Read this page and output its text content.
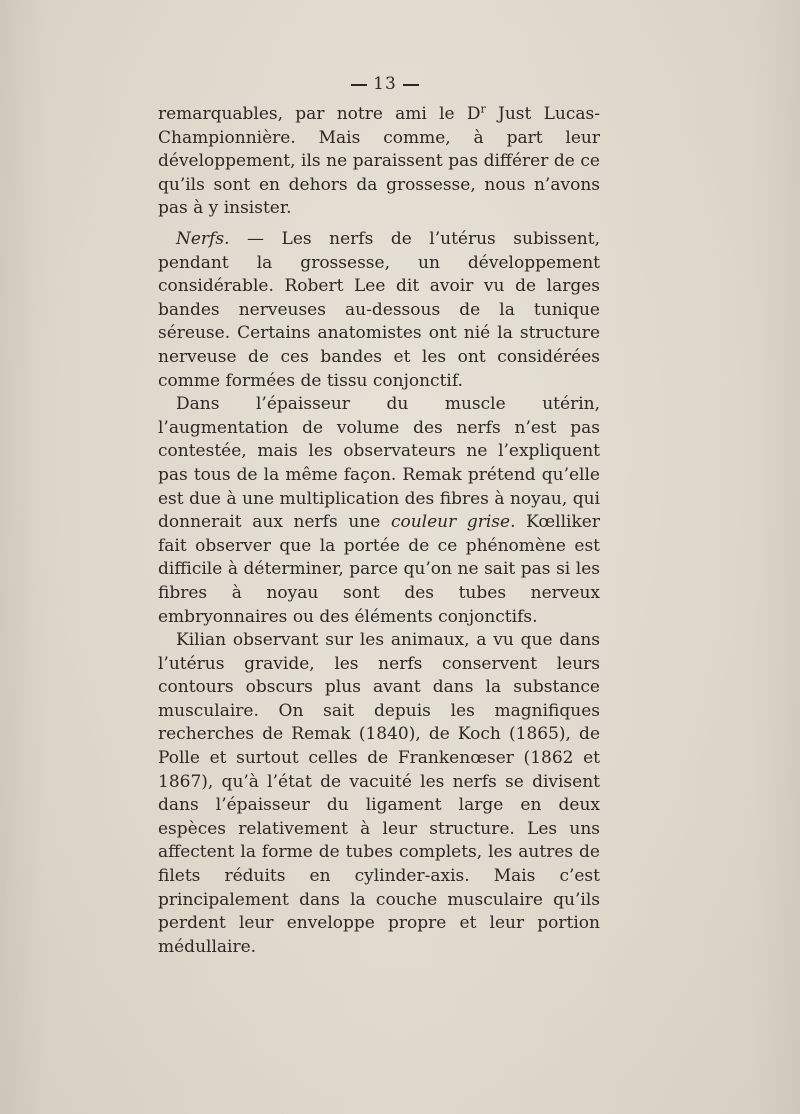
13

remarquables, par notre ami le $D^r$ Just Lucas-Championnière. Mais comme, à part leur développement, ils ne paraissent pas différer de ce qu’ils sont en dehors da grossesse, nous n’avons pas à y insister.

Nerfs. — Les nerfs de l’utérus subissent, pendant la grossesse, un développement considérable. Robert Lee dit avoir vu de larges bandes nerveuses au-dessous de la tunique séreuse. Certains anatomistes ont nié la structure nerveuse de ces bandes et les ont considérées comme formées de tissu conjonctif.

Dans l’épaisseur du muscle utérin, l’augmentation de volume des nerfs n’est pas contestée, mais les observateurs ne l’expliquent pas tous de la même façon. Remak prétend qu’elle est due à une multiplication des fibres à noyau, qui donnerait aux nerfs une couleur grise. Kœlliker fait observer que la portée de ce phénomène est difficile à déterminer, parce qu’on ne sait pas si les fibres à noyau sont des tubes nerveux embryonnaires ou des éléments conjonctifs.

Kilian observant sur les animaux, a vu que dans l’utérus gravide, les nerfs conservent leurs contours obscurs plus avant dans la substance musculaire. On sait depuis les magnifiques recherches de Remak (1840), de Koch (1865), de Polle et surtout celles de Frankenœser (1862 et 1867), qu’à l’état de vacuité les nerfs se divisent dans l’épaisseur du ligament large en deux espèces relativement à leur structure. Les uns affectent la forme de tubes complets, les autres de filets réduits en cylinder-axis. Mais c’est principalement dans la couche musculaire qu’ils perdent leur enveloppe propre et leur portion médullaire.
